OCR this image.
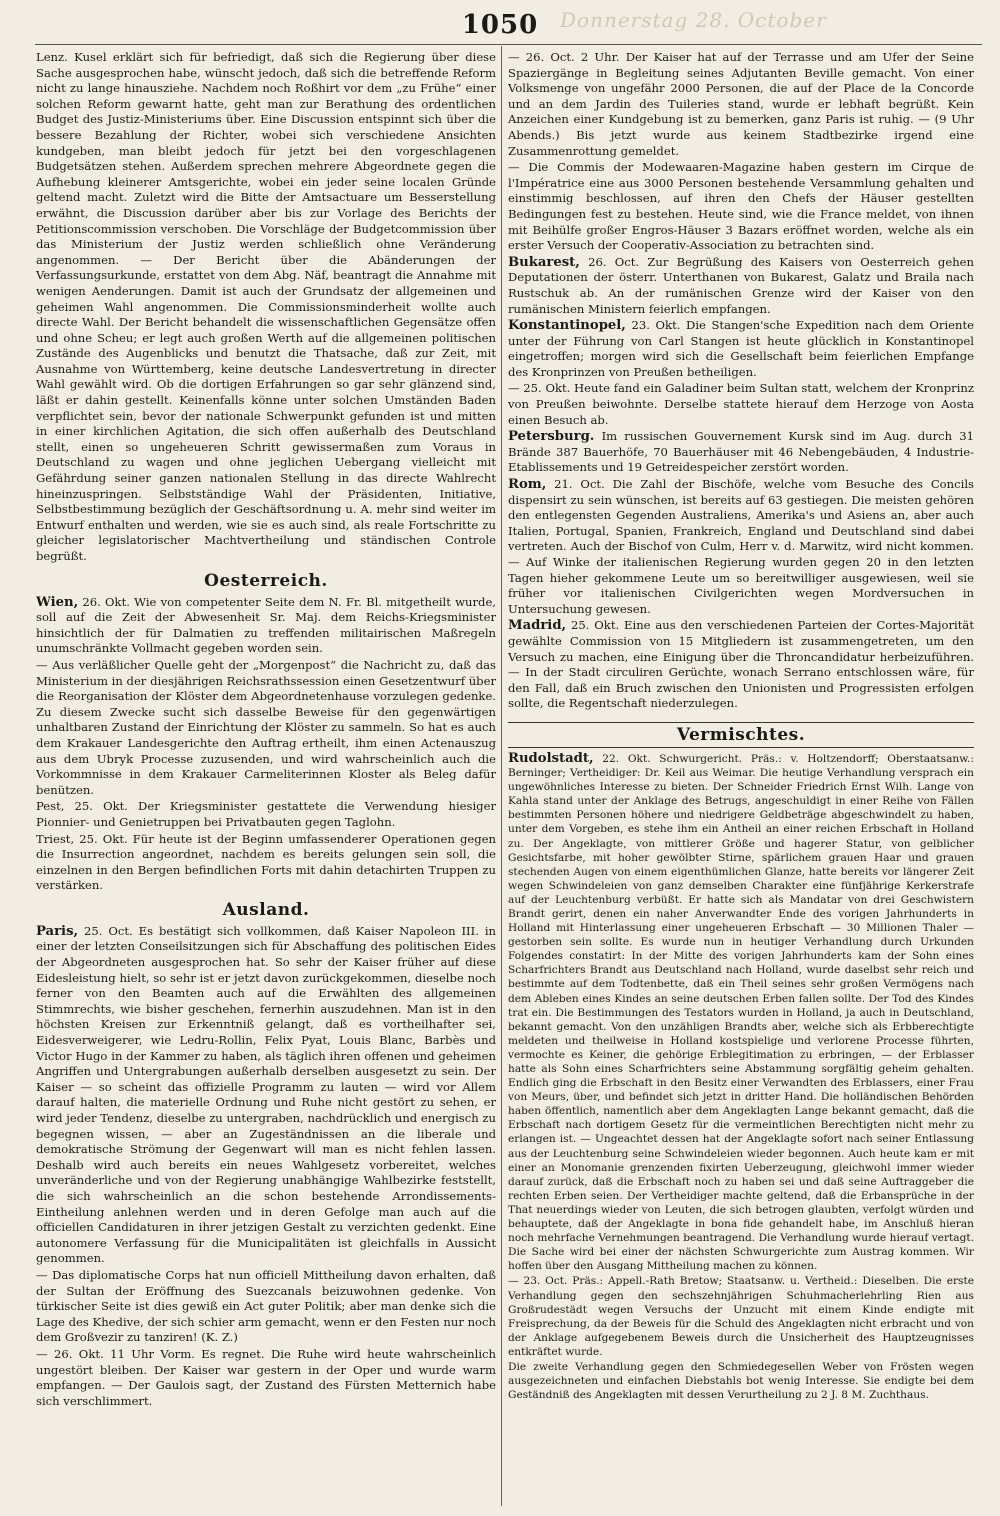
Donnerstag 28. October
1050

Lenz. Kusel erklärt sich für befriedigt, daß sich die Regierung über diese Sache ausgesprochen habe, wünscht jedoch, daß sich die betreffende Reform nicht zu lange hinausziehe. Nachdem noch Roßhirt vor dem „zu Frühe“ einer solchen Reform gewarnt hatte, geht man zur Berathung des ordentlichen Budget des Justiz-Ministeriums über. Eine Discussion entspinnt sich über die bessere Bezahlung der Richter, wobei sich verschiedene Ansichten kundgeben, man bleibt jedoch für jetzt bei den vorgeschlagenen Budgetsätzen stehen. Außerdem sprechen mehrere Abgeordnete gegen die Aufhebung kleinerer Amtsgerichte, wobei ein jeder seine localen Gründe geltend macht. Zuletzt wird die Bitte der Amtsactuare um Besserstellung erwähnt, die Discussion darüber aber bis zur Vorlage des Berichts der Petitionscommission verschoben. Die Vorschläge der Budgetcommission über das Ministerium der Justiz werden schließlich ohne Veränderung angenommen. — Der Bericht über die Abänderungen der Verfassungsurkunde, erstattet von dem Abg. Näf, beantragt die Annahme mit wenigen Aenderungen. Damit ist auch der Grundsatz der allgemeinen und geheimen Wahl angenommen. Die Commissionsminderheit wollte auch directe Wahl. Der Bericht behandelt die wissenschaftlichen Gegensätze offen und ohne Scheu; er legt auch großen Werth auf die allgemeinen politischen Zustände des Augenblicks und benutzt die Thatsache, daß zur Zeit, mit Ausnahme von Württemberg, keine deutsche Landesvertretung in directer Wahl gewählt wird. Ob die dortigen Erfahrungen so gar sehr glänzend sind, läßt er dahin gestellt. Keinenfalls könne unter solchen Umständen Baden verpflichtet sein, bevor der nationale Schwerpunkt gefunden ist und mitten in einer kirchlichen Agitation, die sich offen außerhalb des Deutschland stellt, einen so ungeheueren Schritt gewissermaßen zum Voraus in Deutschland zu wagen und ohne jeglichen Uebergang vielleicht mit Gefährdung seiner ganzen nationalen Stellung in das directe Wahlrecht hineinzuspringen. Selbstständige Wahl der Präsidenten, Initiative, Selbstbestimmung bezüglich der Geschäftsordnung u. A. mehr sind weiter im Entwurf enthalten und werden, wie sie es auch sind, als reale Fortschritte zu gleicher legislatorischer Machtvertheilung und ständischen Controle begrüßt.

Oesterreich.

Wien, 26. Okt. Wie von competenter Seite dem N. Fr. Bl. mitgetheilt wurde, soll auf die Zeit der Abwesenheit Sr. Maj. dem Reichs-Kriegsminister hinsichtlich der für Dalmatien zu treffenden militairischen Maßregeln unumschränkte Vollmacht gegeben worden sein.

— Aus verläßlicher Quelle geht der „Morgenpost“ die Nachricht zu, daß das Ministerium in der diesjährigen Reichsrathssession einen Gesetzentwurf über die Reorganisation der Klöster dem Abgeordnetenhause vorzulegen gedenke. Zu diesem Zwecke sucht sich dasselbe Beweise für den gegenwärtigen unhaltbaren Zustand der Einrichtung der Klöster zu sammeln. So hat es auch dem Krakauer Landesgerichte den Auftrag ertheilt, ihm einen Actenauszug aus dem Ubryk Processe zuzusenden, und wird wahrscheinlich auch die Vorkommnisse in dem Krakauer Carmeliterinnen Kloster als Beleg dafür benützen.

Pest, 25. Okt. Der Kriegsminister gestattete die Verwendung hiesiger Pionnier- und Genietruppen bei Privatbauten gegen Taglohn.

Triest, 25. Okt. Für heute ist der Beginn umfassenderer Operationen gegen die Insurrection angeordnet, nachdem es bereits gelungen sein soll, die einzelnen in den Bergen befindlichen Forts mit dahin detachirten Truppen zu verstärken.

Ausland.

Paris, 25. Oct. Es bestätigt sich vollkommen, daß Kaiser Napoleon III. in einer der letzten Conseilsitzungen sich für Abschaffung des politischen Eides der Abgeordneten ausgesprochen hat. So sehr der Kaiser früher auf diese Eidesleistung hielt, so sehr ist er jetzt davon zurückgekommen, dieselbe noch ferner von den Beamten auch auf die Erwählten des allgemeinen Stimmrechts, wie bisher geschehen, fernerhin auszudehnen. Man ist in den höchsten Kreisen zur Erkenntniß gelangt, daß es vortheilhafter sei, Eidesverweigerer, wie Ledru-Rollin, Felix Pyat, Louis Blanc, Barbès und Victor Hugo in der Kammer zu haben, als täglich ihren offenen und geheimen Angriffen und Untergrabungen außerhalb derselben ausgesetzt zu sein. Der Kaiser — so scheint das offizielle Programm zu lauten — wird vor Allem darauf halten, die materielle Ordnung und Ruhe nicht gestört zu sehen, er wird jeder Tendenz, dieselbe zu untergraben, nachdrücklich und energisch zu begegnen wissen, — aber an Zugeständnissen an die liberale und demokratische Strömung der Gegenwart will man es nicht fehlen lassen. Deshalb wird auch bereits ein neues Wahlgesetz vorbereitet, welches unveränderliche und von der Regierung unabhängige Wahlbezirke feststellt, die sich wahrscheinlich an die schon bestehende Arrondissements-Eintheilung anlehnen werden und in deren Gefolge man auch auf die officiellen Candidaturen in ihrer jetzigen Gestalt zu verzichten gedenkt. Eine autonomere Verfassung für die Municipalitäten ist gleichfalls in Aussicht genommen.

— Das diplomatische Corps hat nun officiell Mittheilung davon erhalten, daß der Sultan der Eröffnung des Suezcanals beizuwohnen gedenke. Von türkischer Seite ist dies gewiß ein Act guter Politik; aber man denke sich die Lage des Khedive, der sich schier arm gemacht, wenn er den Festen nur noch dem Großvezir zu tanziren! (K. Z.)

— 26. Okt. 11 Uhr Vorm. Es regnet. Die Ruhe wird heute wahrscheinlich ungestört bleiben. Der Kaiser war gestern in der Oper und wurde warm empfangen. — Der Gaulois sagt, der Zustand des Fürsten Metternich habe sich verschlimmert.

— 26. Oct. 2 Uhr. Der Kaiser hat auf der Terrasse und am Ufer der Seine Spaziergänge in Begleitung seines Adjutanten Beville gemacht. Von einer Volksmenge von ungefähr 2000 Personen, die auf der Place de la Concorde und an dem Jardin des Tuileries stand, wurde er lebhaft begrüßt. Kein Anzeichen einer Kundgebung ist zu bemerken, ganz Paris ist ruhig. — (9 Uhr Abends.) Bis jetzt wurde aus keinem Stadtbezirke irgend eine Zusammenrottung gemeldet.

— Die Commis der Modewaaren-Magazine haben gestern im Cirque de l'Impératrice eine aus 3000 Personen bestehende Versammlung gehalten und einstimmig beschlossen, auf ihren den Chefs der Häuser gestellten Bedingungen fest zu bestehen. Heute sind, wie die France meldet, von ihnen mit Beihülfe großer Engros-Häuser 3 Bazars eröffnet worden, welche als ein erster Versuch der Cooperativ-Association zu betrachten sind.

Bukarest, 26. Oct. Zur Begrüßung des Kaisers von Oesterreich gehen Deputationen der österr. Unterthanen von Bukarest, Galatz und Braila nach Rustschuk ab. An der rumänischen Grenze wird der Kaiser von den rumänischen Ministern feierlich empfangen.

Konstantinopel, 23. Okt. Die Stangen'sche Expedition nach dem Oriente unter der Führung von Carl Stangen ist heute glücklich in Konstantinopel eingetroffen; morgen wird sich die Gesellschaft beim feierlichen Empfange des Kronprinzen von Preußen betheiligen.

— 25. Okt. Heute fand ein Galadiner beim Sultan statt, welchem der Kronprinz von Preußen beiwohnte. Derselbe stattete hierauf dem Herzoge von Aosta einen Besuch ab.

Petersburg. Im russischen Gouvernement Kursk sind im Aug. durch 31 Brände 387 Bauerhöfe, 70 Bauerhäuser mit 46 Nebengebäuden, 4 Industrie-Etablissements und 19 Getreidespeicher zerstört worden.

Rom, 21. Oct. Die Zahl der Bischöfe, welche vom Besuche des Concils dispensirt zu sein wünschen, ist bereits auf 63 gestiegen. Die meisten gehören den entlegensten Gegenden Australiens, Amerika's und Asiens an, aber auch Italien, Portugal, Spanien, Frankreich, England und Deutschland sind dabei vertreten. Auch der Bischof von Culm, Herr v. d. Marwitz, wird nicht kommen. — Auf Winke der italienischen Regierung wurden gegen 20 in den letzten Tagen hieher gekommene Leute um so bereitwilliger ausgewiesen, weil sie früher vor italienischen Civilgerichten wegen Mordversuchen in Untersuchung gewesen.

Madrid, 25. Okt. Eine aus den verschiedenen Parteien der Cortes-Majorität gewählte Commission von 15 Mitgliedern ist zusammengetreten, um den Versuch zu machen, eine Einigung über die Throncandidatur herbeizuführen. — In der Stadt circuliren Gerüchte, wonach Serrano entschlossen wäre, für den Fall, daß ein Bruch zwischen den Unionisten und Progressisten erfolgen sollte, die Regentschaft niederzulegen.

Vermischtes.

Rudolstadt, 22. Okt. Schwurgericht. Präs.: v. Holtzendorff; Oberstaatsanw.: Berninger; Vertheidiger: Dr. Keil aus Weimar. Die heutige Verhandlung versprach ein ungewöhnliches Interesse zu bieten. Der Schneider Friedrich Ernst Wilh. Lange von Kahla stand unter der Anklage des Betrugs, angeschuldigt in einer Reihe von Fällen bestimmten Personen höhere und niedrigere Geldbeträge abgeschwindelt zu haben, unter dem Vorgeben, es stehe ihm ein Antheil an einer reichen Erbschaft in Holland zu. Der Angeklagte, von mittlerer Größe und hagerer Statur, von gelblicher Gesichtsfarbe, mit hoher gewölbter Stirne, spärlichem grauen Haar und grauen stechenden Augen von einem eigenthümlichen Glanze, hatte bereits vor längerer Zeit wegen Schwindeleien von ganz demselben Charakter eine fünfjährige Kerkerstrafe auf der Leuchtenburg verbüßt. Er hatte sich als Mandatar von drei Geschwistern Brandt gerirt, denen ein naher Anverwandter Ende des vorigen Jahrhunderts in Holland mit Hinterlassung einer ungeheueren Erbschaft — 30 Millionen Thaler — gestorben sein sollte. Es wurde nun in heutiger Verhandlung durch Urkunden Folgendes constatirt: In der Mitte des vorigen Jahrhunderts kam der Sohn eines Scharfrichters Brandt aus Deutschland nach Holland, wurde daselbst sehr reich und bestimmte auf dem Todtenbette, daß ein Theil seines sehr großen Vermögens nach dem Ableben eines Kindes an seine deutschen Erben fallen sollte. Der Tod des Kindes trat ein. Die Bestimmungen des Testators wurden in Holland, ja auch in Deutschland, bekannt gemacht. Von den unzähligen Brandts aber, welche sich als Erbberechtigte meldeten und theilweise in Holland kostspielige und verlorene Processe führten, vermochte es Keiner, die gehörige Erblegitimation zu erbringen, — der Erblasser hatte als Sohn eines Scharfrichters seine Abstammung sorgfältig geheim gehalten. Endlich ging die Erbschaft in den Besitz einer Verwandten des Erblassers, einer Frau von Meurs, über, und befindet sich jetzt in dritter Hand. Die holländischen Behörden haben öffentlich, namentlich aber dem Angeklagten Lange bekannt gemacht, daß die Erbschaft nach dortigem Gesetz für die vermeintlichen Berechtigten nicht mehr zu erlangen ist. — Ungeachtet dessen hat der Angeklagte sofort nach seiner Entlassung aus der Leuchtenburg seine Schwindeleien wieder begonnen. Auch heute kam er mit einer an Monomanie grenzenden fixirten Ueberzeugung, gleichwohl immer wieder darauf zurück, daß die Erbschaft noch zu haben sei und daß seine Auftraggeber die rechten Erben seien. Der Vertheidiger machte geltend, daß die Erbansprüche in der That neuerdings wieder von Leuten, die sich betrogen glaubten, verfolgt würden und behauptete, daß der Angeklagte in bona fide gehandelt habe, im Anschluß hieran noch mehrfache Vernehmungen beantragend. Die Verhandlung wurde hierauf vertagt. Die Sache wird bei einer der nächsten Schwurgerichte zum Austrag kommen. Wir hoffen über den Ausgang Mittheilung machen zu können.

— 23. Oct. Präs.: Appell.-Rath Bretow; Staatsanw. u. Vertheid.: Dieselben. Die erste Verhandlung gegen den sechszehnjährigen Schuhmacherlehrling Rien aus Großrudestädt wegen Versuchs der Unzucht mit einem Kinde endigte mit Freisprechung, da der Beweis für die Schuld des Angeklagten nicht erbracht und von der Anklage aufgegebenem Beweis durch die Unsicherheit des Hauptzeugnisses entkräftet wurde.

Die zweite Verhandlung gegen den Schmiedegesellen Weber von Frösten wegen ausgezeichneten und einfachen Diebstahls bot wenig Interesse. Sie endigte bei dem Geständniß des Angeklagten mit dessen Verurtheilung zu 2 J. 8 M. Zuchthaus.
